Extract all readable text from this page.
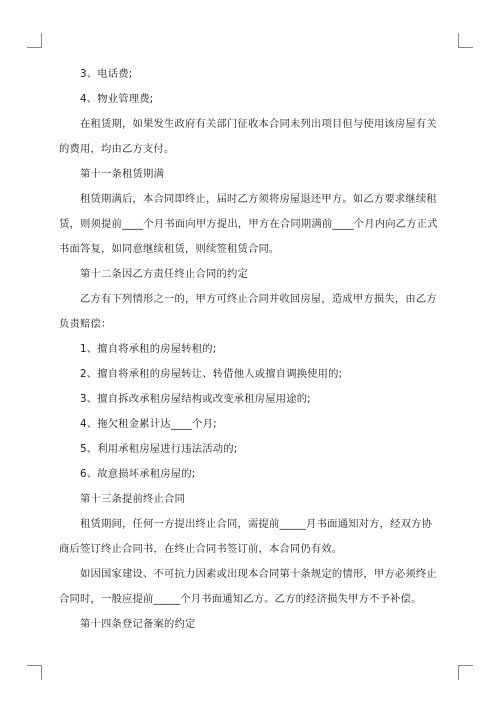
3、电话费;

4、物业管理费;

在租赁期，如果发生政府有关部门征收本合同未列出项目但与使用该房屋有关的费用，均由乙方支付。

第十一条租赁期满

租赁期满后，本合同即终止，届时乙方须将房屋退还甲方。如乙方要求继续租赁，则须提前____个月书面向甲方提出，甲方在合同期满前____个月内向乙方正式书面答复，如同意继续租赁，则续签租赁合同。

第十二条因乙方责任终止合同的约定

乙方有下列情形之一的，甲方可终止合同并收回房屋，造成甲方损失，由乙方负责赔偿：

1、擅自将承租的房屋转租的;

2、擅自将承租的房屋转让、转借他人或擅自调换使用的;

3、擅自拆改承租房屋结构或改变承租房屋用途的;

4、拖欠租金累计达____个月;

5、利用承租房屋进行违法活动的;

6、故意损坏承租房屋的;

第十三条提前终止合同

租赁期间，任何一方提出终止合同，需提前_____月书面通知对方，经双方协商后签订终止合同书，在终止合同书签订前，本合同仍有效。

如因国家建设、不可抗力因素或出现本合同第十条规定的情形，甲方必须终止合同时，一般应提前_____个月书面通知乙方。乙方的经济损失甲方不予补偿。

第十四条登记备案的约定
